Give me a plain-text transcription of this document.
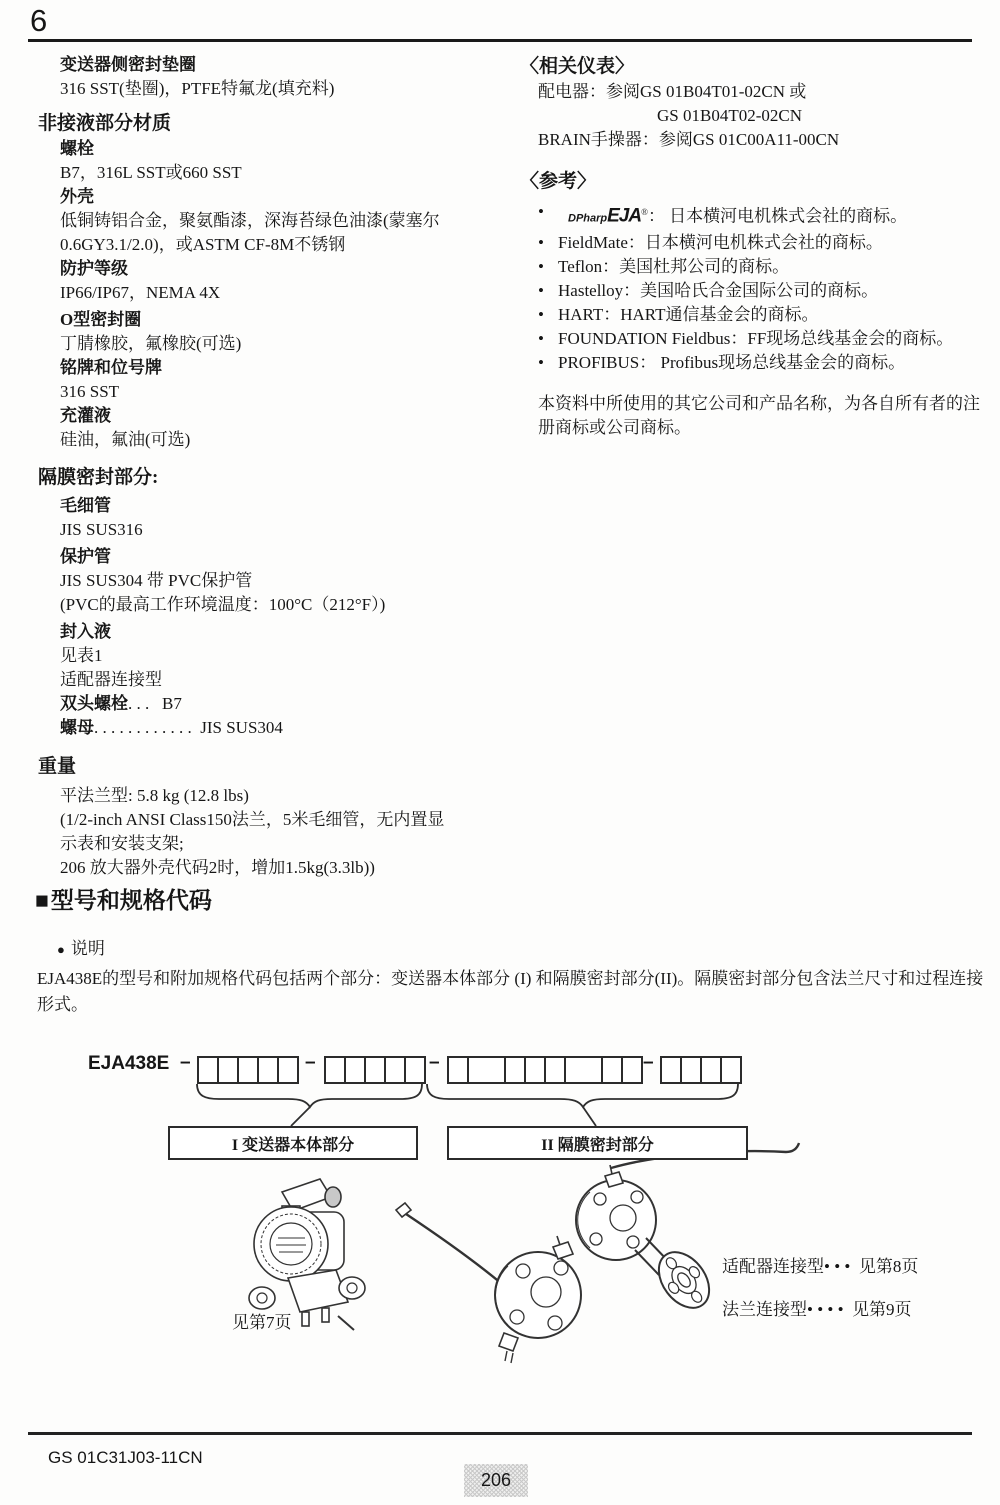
6
变送器侧密封垫圈
316 SST(垫圈)，PTFE特氟龙(填充料)
非接液部分材质
螺栓
B7，316L SST或660 SST
外壳
低铜铸铝合金，聚氨酯漆，深海苔绿色油漆(蒙塞尔
0.6GY3.1/2.0)，或ASTM CF-8M不锈钢
防护等级
IP66/IP67，NEMA 4X
O型密封圈
丁腈橡胶，氟橡胶(可选)
铭牌和位号牌
316 SST
充灌液
硅油，氟油(可选)
隔膜密封部分:
毛细管
JIS SUS316
保护管
JIS SUS304 带 PVC保护管
(PVC的最高工作环境温度：100°C（212°F）)
封入液
见表1
适配器连接型
双头螺栓. . .   B7
螺母. . . . . . . . . . . .  JIS SUS304
重量
平法兰型: 5.8 kg (12.8 lbs)
(1/2-inch ANSI Class150法兰，5米毛细管，无内置显
示表和安装支架;
206 放大器外壳代码2时，增加1.5kg(3.3lb))
〈相关仪表〉
配电器：参阅GS 01B04T01-02CN 或
GS 01B04T02-02CN
BRAIN手操器：参阅GS 01C00A11-00CN
〈参考〉
• DPharpEJA®： 日本横河电机株式会社的商标。
• FieldMate：日本横河电机株式会社的商标。
• Teflon：美国杜邦公司的商标。
• Hastelloy：美国哈氏合金国际公司的商标。
• HART：HART通信基金会的商标。
• FOUNDATION Fieldbus：FF现场总线基金会的商标。
• PROFIBUS： Profibus现场总线基金会的商标。

本资料中所使用的其它公司和产品名称，为各自所有者的注册商标或公司商标。

■型号和规格代码
● 说明

EJA438E的型号和附加规格代码包括两个部分：变送器本体部分 (I) 和隔膜密封部分(II)。隔膜密封部分包含法兰尺寸和过程连接形式。

EJA438E –	–	–	–
I 变送器本体部分	II 隔膜密封部分
见第7页
适配器连接型• • •  见第8页
法兰连接型• • • •  见第9页
GS 01C31J03-11CN
206
